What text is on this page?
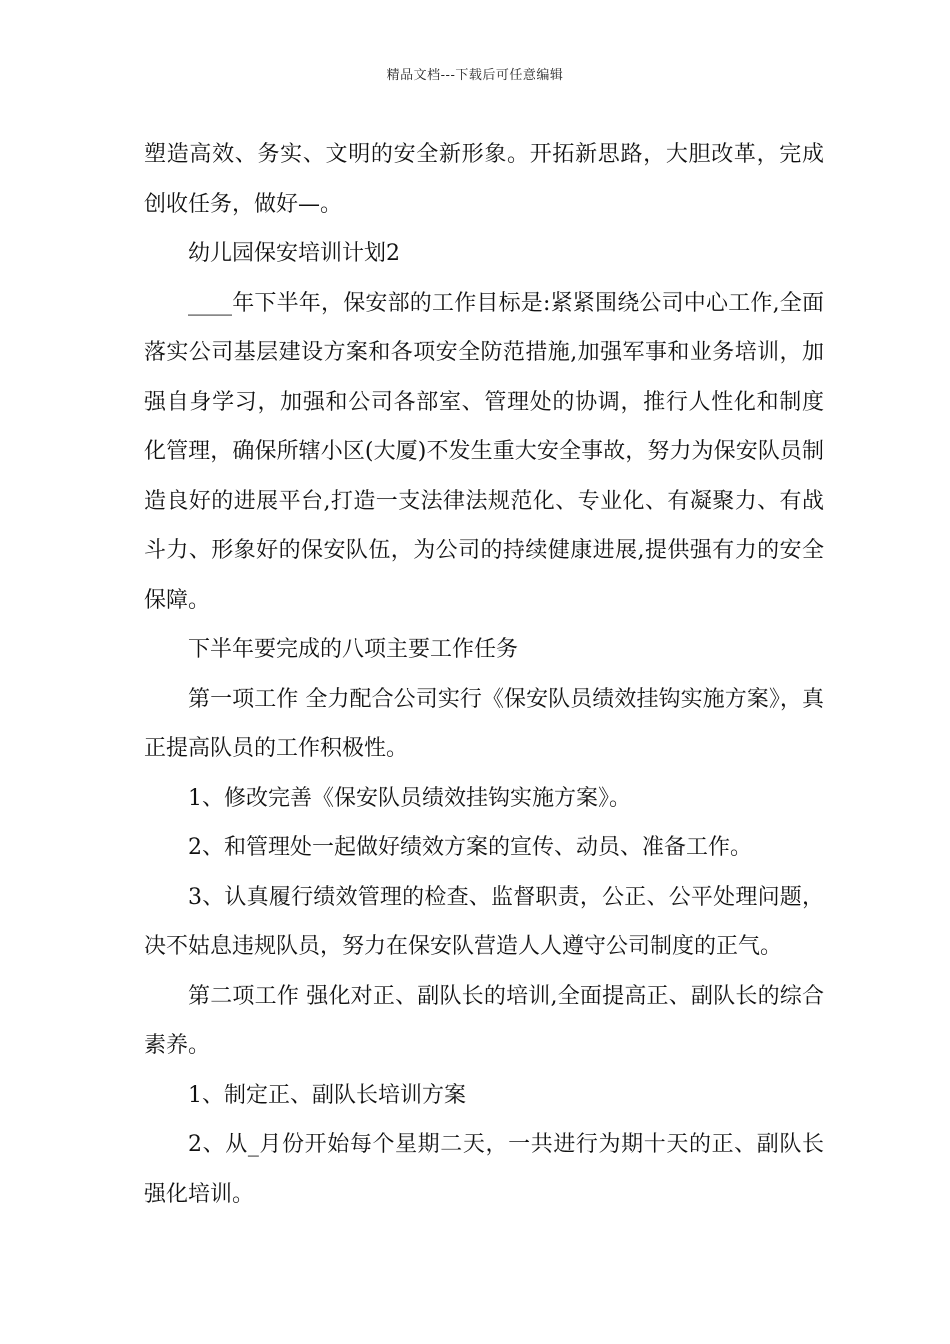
精品文档---下载后可任意编辑

塑造高效、务实、文明的安全新形象。开拓新思路，大胆改革，完成创收任务，做好—。

幼儿园保安培训计划2

____年下半年，保安部的工作目标是:紧紧围绕公司中心工作,全面落实公司基层建设方案和各项安全防范措施,加强军事和业务培训，加强自身学习，加强和公司各部室、管理处的协调，推行人性化和制度化管理，确保所辖小区(大厦)不发生重大安全事故，努力为保安队员制造良好的进展平台,打造一支法律法规范化、专业化、有凝聚力、有战斗力、形象好的保安队伍，为公司的持续健康进展,提供强有力的安全保障。

下半年要完成的八项主要工作任务

第一项工作 全力配合公司实行《保安队员绩效挂钩实施方案》，真正提高队员的工作积极性。

1、修改完善《保安队员绩效挂钩实施方案》。

2、和管理处一起做好绩效方案的宣传、动员、准备工作。

3、认真履行绩效管理的检查、监督职责，公正、公平处理问题，决不姑息违规队员，努力在保安队营造人人遵守公司制度的正气。

第二项工作 强化对正、副队长的培训,全面提高正、副队长的综合素养。

1、制定正、副队长培训方案

2、从_月份开始每个星期二天，一共进行为期十天的正、副队长强化培训。
